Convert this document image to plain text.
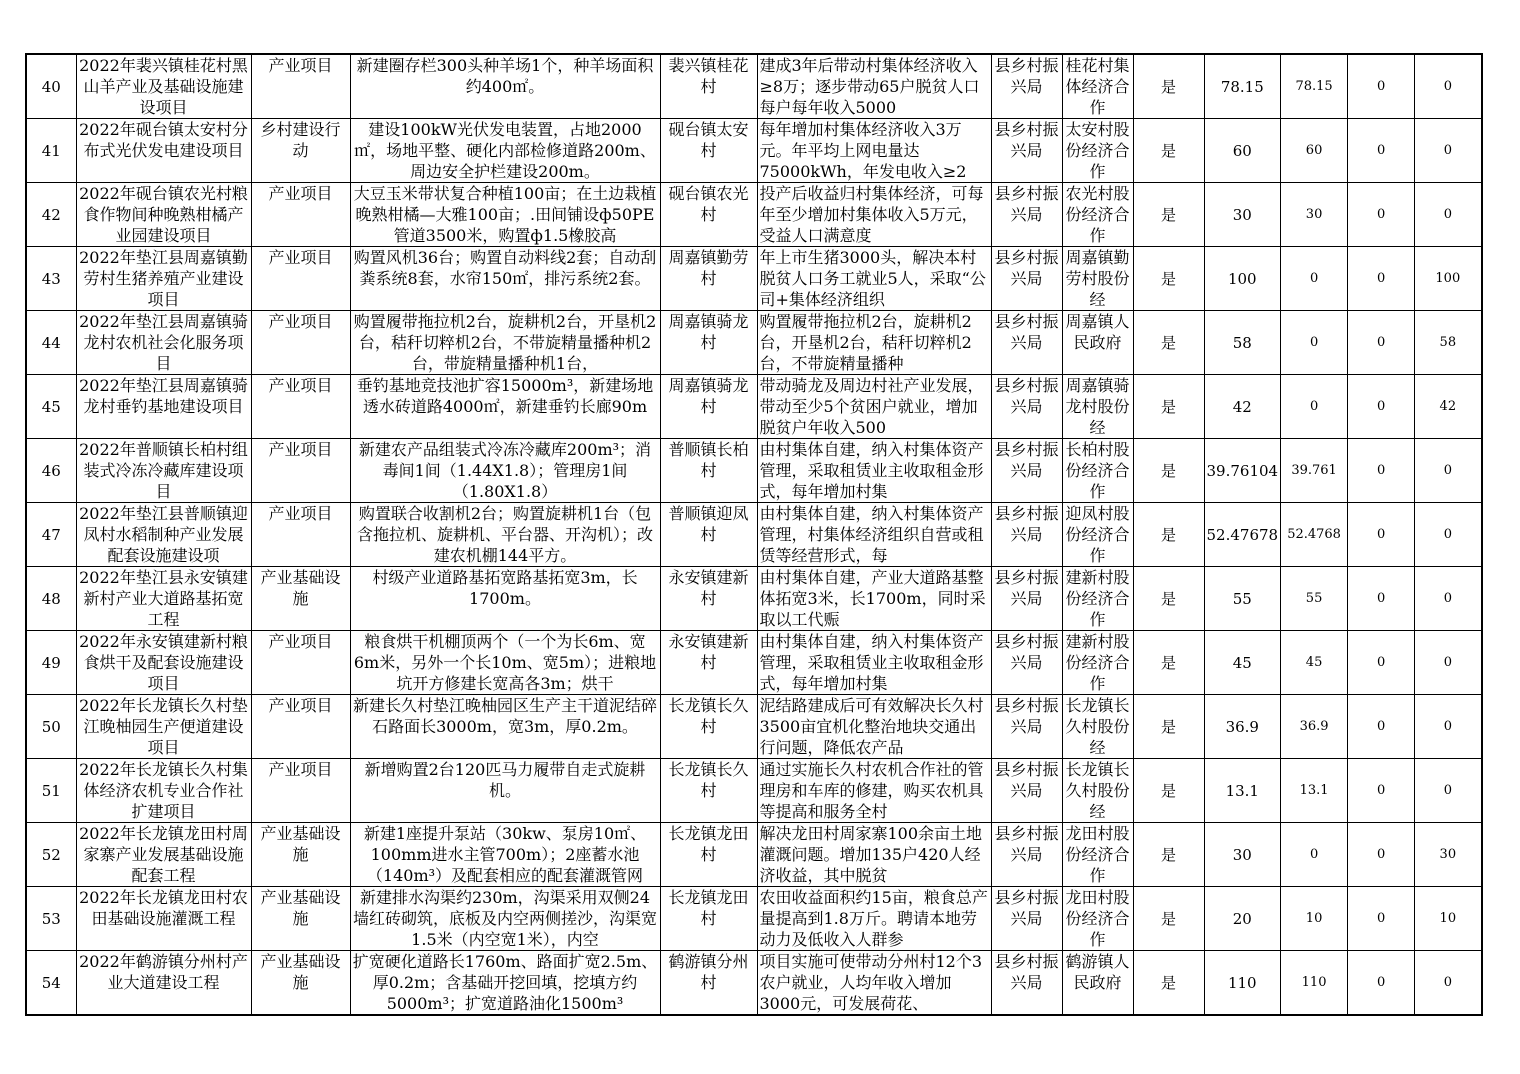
40	2022年裴兴镇桂花村黑山羊产业及基础设施建设项目	产业项目	新建圈存栏300头种羊场1个，种羊场面积约400㎡。	裴兴镇桂花村	建成3年后带动村集体经济收入≥8万；逐步带动65户脱贫人口每户每年收入5000	县乡村振兴局	桂花村集体经济合作	是	78.15	78.15	0	0

41	2022年砚台镇太安村分布式光伏发电建设项目	乡村建设行动	建设100kW光伏发电装置，占地2000㎡，场地平整、硬化内部检修道路200m、周边安全护栏建设200m。	砚台镇太安村	每年增加村集体经济收入3万元。年平均上网电量达75000kWh，年发电收入≥2	县乡村振兴局	太安村股份经济合作	是	60	60	0	0

42	2022年砚台镇农光村粮食作物间种晚熟柑橘产业园建设项目	产业项目	大豆玉米带状复合种植100亩；在土边栽植晚熟柑橘—大雅100亩；.田间铺设ф50PE管道3500米，购置ф1.5橡胶高	砚台镇农光村	投产后收益归村集体经济，可每年至少增加村集体收入5万元，受益人口满意度	县乡村振兴局	农光村股份经济合作	是	30	30	0	0

43	2022年垫江县周嘉镇勤劳村生猪养殖产业建设项目	产业项目	购置风机36台；购置自动料线2套；自动刮粪系统8套，水帘150㎡，排污系统2套。	周嘉镇勤劳村	年上市生猪3000头，解决本村脱贫人口务工就业5人，采取“公司+集体经济组织	县乡村振兴局	周嘉镇勤劳村股份经	是	100	0	0	100

44	2022年垫江县周嘉镇骑龙村农机社会化服务项目	产业项目	购置履带拖拉机2台，旋耕机2台，开垦机2台，秸秆切粹机2台，不带旋精量播种机2台，带旋精量播种机1台，	周嘉镇骑龙村	购置履带拖拉机2台，旋耕机2台，开垦机2台，秸秆切粹机2台，不带旋精量播种	县乡村振兴局	周嘉镇人民政府	是	58	0	0	58

45	2022年垫江县周嘉镇骑龙村垂钓基地建设项目	产业项目	垂钓基地竞技池扩容15000m³，新建场地透水砖道路4000㎡，新建垂钓长廊90m	周嘉镇骑龙村	带动骑龙及周边村社产业发展，带动至少5个贫困户就业，增加脱贫户年收入500	县乡村振兴局	周嘉镇骑龙村股份经	是	42	0	0	42

46	2022年普顺镇长柏村组装式冷冻冷藏库建设项目	产业项目	新建农产品组装式冷冻冷藏库200m³；消毒间1间（1.44X1.8）；管理房1间（1.80X1.8）	普顺镇长柏村	由村集体自建，纳入村集体资产管理，采取租赁业主收取租金形式，每年增加村集	县乡村振兴局	长柏村股份经济合作	是	39.76104	39.761	0	0

47	2022年垫江县普顺镇迎凤村水稻制种产业发展配套设施建设项	产业项目	购置联合收割机2台；购置旋耕机1台（包含拖拉机、旋耕机、平台器、开沟机）；改建农机棚144平方。	普顺镇迎凤村	由村集体自建，纳入村集体资产管理，村集体经济组织自营或租赁等经营形式，每	县乡村振兴局	迎凤村股份经济合作	是	52.47678	52.4768	0	0

48	2022年垫江县永安镇建新村产业大道路基拓宽工程	产业基础设施	村级产业道路基拓宽路基拓宽3m，长1700m。	永安镇建新村	由村集体自建，产业大道路基整体拓宽3米，长1700m，同时采取以工代赈	县乡村振兴局	建新村股份经济合作	是	55	55	0	0

49	2022年永安镇建新村粮食烘干及配套设施建设项目	产业项目	粮食烘干机棚顶两个（一个为长6m、宽6m米，另外一个长10m、宽5m）；进粮地坑开方修建长宽高各3m；烘干	永安镇建新村	由村集体自建，纳入村集体资产管理，采取租赁业主收取租金形式，每年增加村集	县乡村振兴局	建新村股份经济合作	是	45	45	0	0

50	2022年长龙镇长久村垫江晚柚园生产便道建设项目	产业项目	新建长久村垫江晚柚园区生产主干道泥结碎石路面长3000m，宽3m，厚0.2m。	长龙镇长久村	泥结路建成后可有效解决长久村3500亩宜机化整治地块交通出行问题，降低农产品	县乡村振兴局	长龙镇长久村股份经	是	36.9	36.9	0	0

51	2022年长龙镇长久村集体经济农机专业合作社扩建项目	产业项目	新增购置2台120匹马力履带自走式旋耕机。	长龙镇长久村	通过实施长久村农机合作社的管理房和车库的修建，购买农机具等提高和服务全村	县乡村振兴局	长龙镇长久村股份经	是	13.1	13.1	0	0

52	2022年长龙镇龙田村周家寨产业发展基础设施配套工程	产业基础设施	新建1座提升泵站（30kw、泵房10㎡、100mm进水主管700m）；2座蓄水池（140m³）及配套相应的配套灌溉管网	长龙镇龙田村	解决龙田村周家寨100余亩土地灌溉问题。增加135户420人经济收益，其中脱贫	县乡村振兴局	龙田村股份经济合作	是	30	0	0	30

53	2022年长龙镇龙田村农田基础设施灌溉工程	产业基础设施	新建排水沟渠约230m，沟渠采用双侧24墙红砖砌筑，底板及内空两侧搓沙，沟渠宽1.5米（内空宽1米），内空	长龙镇龙田村	农田收益面积约15亩，粮食总产量提高到1.8万斤。聘请本地劳动力及低收入人群参	县乡村振兴局	龙田村股份经济合作	是	20	10	0	10

54	2022年鹤游镇分州村产业大道建设工程	产业基础设施	扩宽硬化道路长1760m、路面扩宽2.5m、厚0.2m；含基础开挖回填，挖填方约5000m³；扩宽道路油化1500m³	鹤游镇分州村	项目实施可使带动分州村12个3农户就业，人均年收入增加3000元，可发展荷花、	县乡村振兴局	鹤游镇人民政府	是	110	110	0	0
